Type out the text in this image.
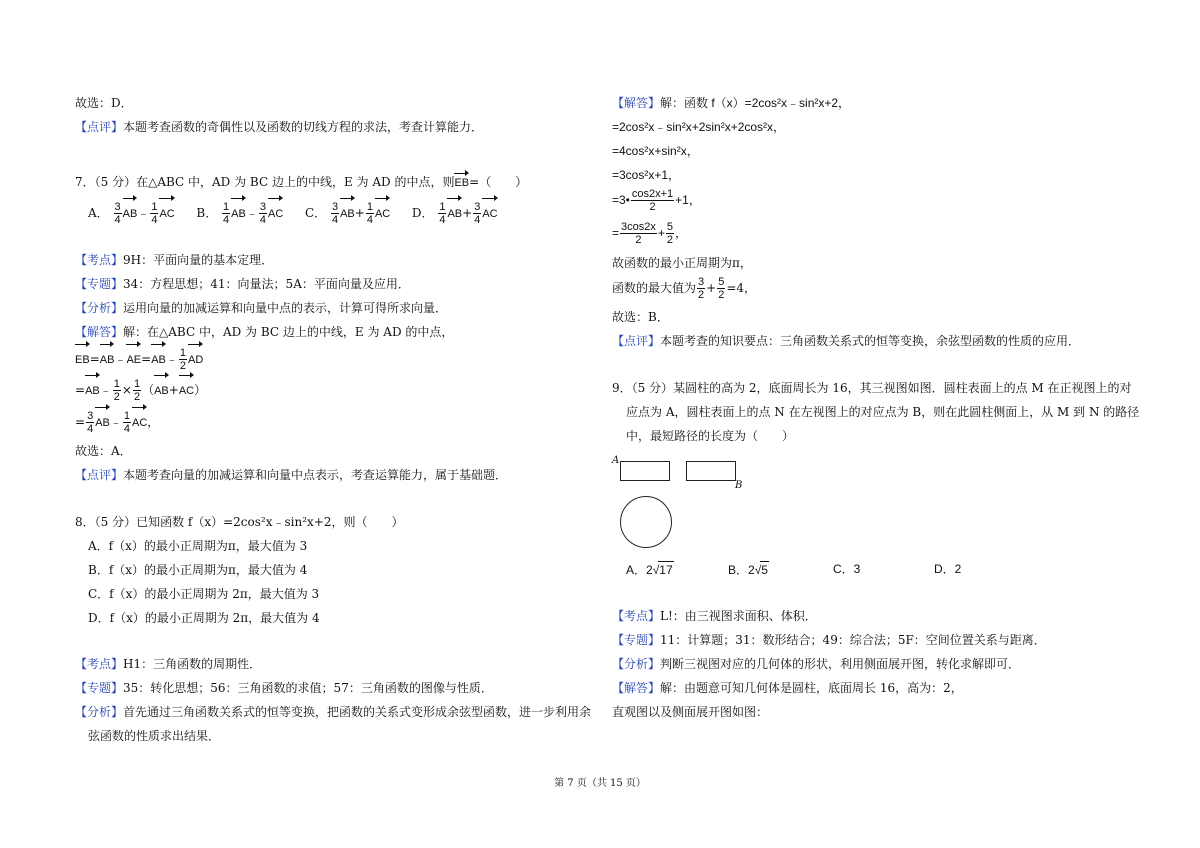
故选：D．
【点评】本题考查函数的奇偶性以及函数的切线方程的求法，考查计算能力．
7．（5 分）在△ABC 中，AD 为 BC 边上的中线，E 为 AD 的中点，则EB=（　　）
A． $\frac{3}{4}$ AB﹣ $\frac{1}{4}$ AC B． $\frac{1}{4}$ AB﹣ $\frac{3}{4}$ AC C． $\frac{3}{4} AB+ \frac{1}{4}$ AC D． $\frac{1}{4} AB+ \frac{3}{4}$ AC
【考点】9H：平面向量的基本定理．
【专题】34：方程思想；41：向量法；5A：平面向量及应用．
【分析】运用向量的加减运算和向量中点的表示，计算可得所求向量．
【解答】解：在△ABC 中，AD 为 BC 边上的中线，E 为 AD 的中点，
EB=AB﹣AE=AB﹣ $\frac{1}{2}$ AD
=AB﹣ $\frac{1}{2} \times \frac{1}{2} (AB+AC)$
= $\frac{3}{4}$ AB﹣ $\frac{1}{4}$ AC，
故选：A．
【点评】本题考查向量的加减运算和向量中点表示，考查运算能力，属于基础题．
8．（5 分）已知函数 f（x）=2cos²x﹣sin²x+2，则（　　）
A．f（x）的最小正周期为π，最大值为 3
B．f（x）的最小正周期为π，最大值为 4
C．f（x）的最小正周期为 2π，最大值为 3
D．f（x）的最小正周期为 2π，最大值为 4
【考点】H1：三角函数的周期性．
【专题】35：转化思想；56：三角函数的求值；57：三角函数的图像与性质．
【分析】首先通过三角函数关系式的恒等变换，把函数的关系式变形成余弦型函数，进一步利用余
弦函数的性质求出结果．
【解答】解：函数 f（x）=2cos²x﹣sin²x+2，
=2cos²x﹣sin²x+2sin²x+2cos²x，
=4cos²x+sin²x，
=3cos²x+1，
=3• $\frac{\cos 2x+1}{2} +1$，
= $\frac{3\cos 2x}{2} + \frac{5}{2}$ ，
故函数的最小正周期为π，
函数的最大值为 $\frac{3}{2} + \frac{5}{2} =4$，
故选：B．
【点评】本题考查的知识要点：三角函数关系式的恒等变换，余弦型函数的性质的应用．
9．（5 分）某圆柱的高为 2，底面周长为 16，其三视图如图．圆柱表面上的点 M 在正视图上的对
应点为 A，圆柱表面上的点 N 在左视图上的对应点为 B，则在此圆柱侧面上，从 M 到 N 的路径
中，最短路径的长度为（　　）
A
B
A．2√17	B．2√5	C．3	D．2
【考点】L!：由三视图求面积、体积．
【专题】11：计算题；31：数形结合；49：综合法；5F：空间位置关系与距离．
【分析】判断三视图对应的几何体的形状，利用侧面展开图，转化求解即可．
【解答】解：由题意可知几何体是圆柱，底面周长 16，高为：2，
直观图以及侧面展开图如图：
第 7 页（共 15 页）
